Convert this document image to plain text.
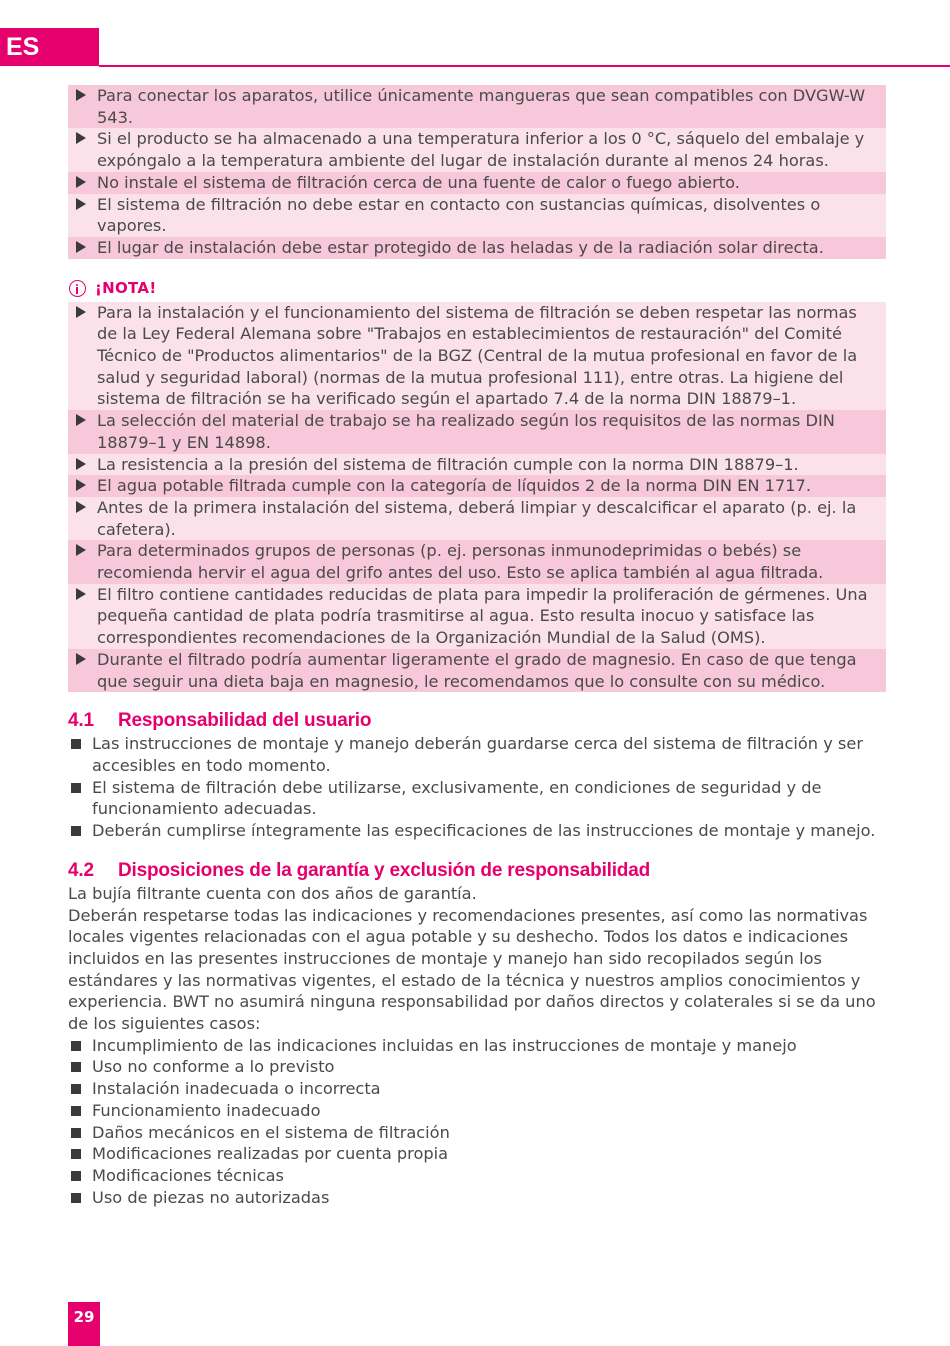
ES
Para conectar los aparatos, utilice únicamente mangueras que sean compatibles con DVGW-W 543.
Si el producto se ha almacenado a una temperatura inferior a los 0 °C, sáquelo del embalaje y expóngalo a la temperatura ambiente del lugar de instalación durante al menos 24 horas.
No instale el sistema de filtración cerca de una fuente de calor o fuego abierto.
El sistema de filtración no debe estar en contacto con sustancias químicas, disolventes o vapores.
El lugar de instalación debe estar protegido de las heladas y de la radiación solar directa.
¡NOTA!
Para la instalación y el funcionamiento del sistema de filtración se deben respetar las normas de la Ley Federal Alemana sobre "Trabajos en establecimientos de restauración" del Comité Técnico de "Productos alimentarios" de la BGZ (Central de la mutua profesional en favor de la salud y seguridad laboral) (normas de la mutua profesional 111), entre otras. La higiene del sistema de filtración se ha verificado según el apartado 7.4 de la norma DIN 18879–1.
La selección del material de trabajo se ha realizado según los requisitos de las normas DIN 18879–1 y EN 14898.
La resistencia a la presión del sistema de filtración cumple con la norma DIN 18879–1.
El agua potable filtrada cumple con la categoría de líquidos 2 de la norma DIN EN 1717.
Antes de la primera instalación del sistema, deberá limpiar y descalcificar el aparato (p. ej. la cafetera).
Para determinados grupos de personas (p. ej. personas inmunodeprimidas o bebés) se recomienda hervir el agua del grifo antes del uso. Esto se aplica también al agua filtrada.
El filtro contiene cantidades reducidas de plata para impedir la proliferación de gérmenes. Una pequeña cantidad de plata podría trasmitirse al agua. Esto resulta inocuo y satisface las correspondientes recomendaciones de la Organización Mundial de la Salud (OMS).
Durante el filtrado podría aumentar ligeramente el grado de magnesio. En caso de que tenga que seguir una dieta baja en magnesio, le recomendamos que lo consulte con su médico.
4.1 Responsabilidad del usuario
Las instrucciones de montaje y manejo deberán guardarse cerca del sistema de filtración y ser accesibles en todo momento.
El sistema de filtración debe utilizarse, exclusivamente, en condiciones de seguridad y de funcionamiento adecuadas.
Deberán cumplirse íntegramente las especificaciones de las instrucciones de montaje y manejo.
4.2 Disposiciones de la garantía y exclusión de responsabilidad

La bujía filtrante cuenta con dos años de garantía.

Deberán respetarse todas las indicaciones y recomendaciones presentes, así como las normativas locales vigentes relacionadas con el agua potable y su deshecho. Todos los datos e indicaciones incluidos en las presentes instrucciones de montaje y manejo han sido recopilados según los estándares y las normativas vigentes, el estado de la técnica y nuestros amplios conocimientos y experiencia. BWT no asumirá ninguna responsabilidad por daños directos y colaterales si se da uno de los siguientes casos:

Incumplimiento de las indicaciones incluidas en las instrucciones de montaje y manejo
Uso no conforme a lo previsto
Instalación inadecuada o incorrecta
Funcionamiento inadecuado
Daños mecánicos en el sistema de filtración
Modificaciones realizadas por cuenta propia
Modificaciones técnicas
Uso de piezas no autorizadas
29
